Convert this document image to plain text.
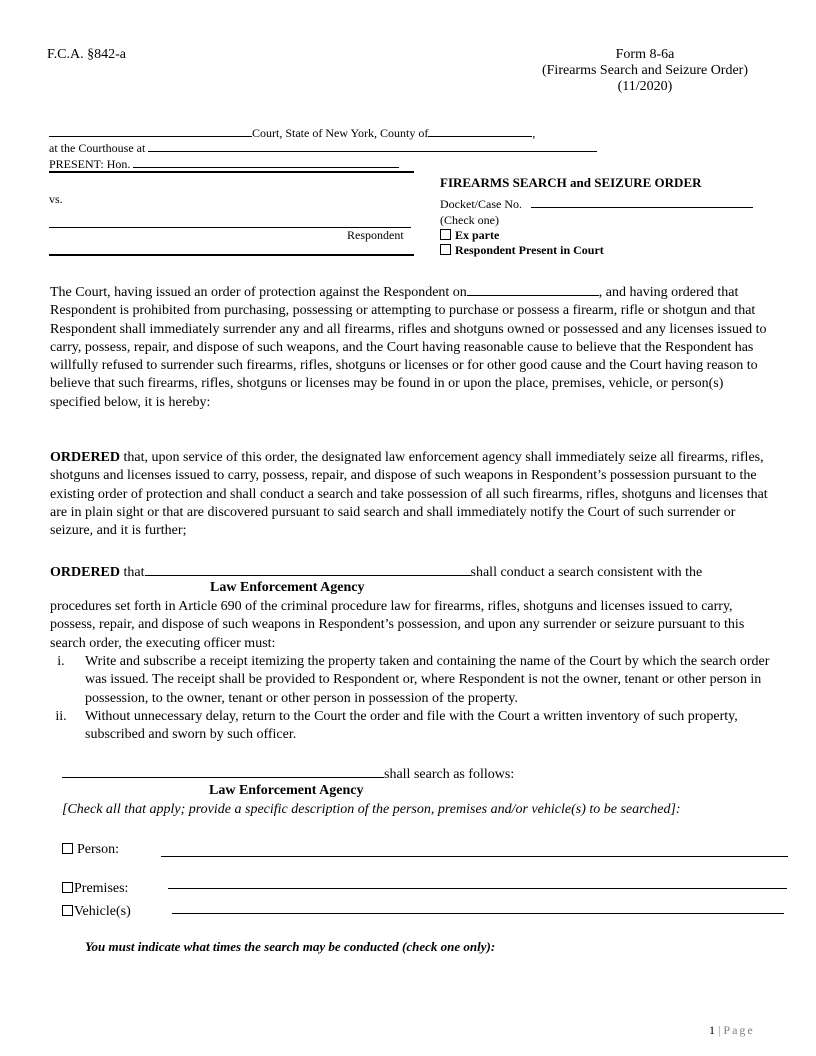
F.C.A. §842-a	Form 8-6a
(Firearms Search and Seizure Order)
(11/2020)
Court, State of New York, County of	,
at the Courthouse at
PRESENT: Hon.
vs.
Respondent
FIREARMS SEARCH and SEIZURE ORDER
Docket/Case No.
(Check one)
Ex parte
Respondent Present in Court
The Court, having issued an order of protection against the Respondent on	, and having ordered that Respondent is prohibited from purchasing, possessing or attempting to purchase or possess a firearm, rifle or shotgun and that Respondent shall immediately surrender any and all firearms, rifles and shotguns owned or possessed and any licenses issued to carry, possess, repair, and dispose of such weapons, and the Court having reasonable cause to believe that the Respondent has willfully refused to surrender such firearms, rifles, shotguns or licenses or for other good cause and the Court having reason to believe that such firearms, rifles, shotguns or licenses may be found in or upon the place, premises, vehicle, or person(s) specified below, it is hereby:
ORDERED that, upon service of this order, the designated law enforcement agency shall immediately seize all firearms, rifles, shotguns and licenses issued to carry, possess, repair, and dispose of such weapons in Respondent’s possession pursuant to the existing order of protection and shall conduct a search and take possession of all such firearms, rifles, shotguns and licenses that are in plain sight or that are discovered pursuant to said search and shall immediately notify the Court of such surrender or seizure, and it is further;
ORDERED that	shall conduct a search consistent with the
Law Enforcement Agency
procedures set forth in Article 690 of the criminal procedure law for firearms, rifles, shotguns and licenses issued to carry, possess, repair, and dispose of such weapons in Respondent’s possession, and upon any surrender or seizure pursuant to this search order, the executing officer must:
i.	Write and subscribe a receipt itemizing the property taken and containing the name of the Court by which the search order was issued. The receipt shall be provided to Respondent or, where Respondent is not the owner, tenant or other person in possession, to the owner, tenant or other person in possession of the property.
ii.	Without unnecessary delay, return to the Court the order and file with the Court a written inventory of such property, subscribed and sworn by such officer.
shall search as follows:
Law Enforcement Agency
[Check all that apply; provide a specific description of the person, premises and/or vehicle(s) to be searched]:
Person:
Premises:
Vehicle(s)
You must indicate what times the search may be conducted (check one only):
1 | Page
